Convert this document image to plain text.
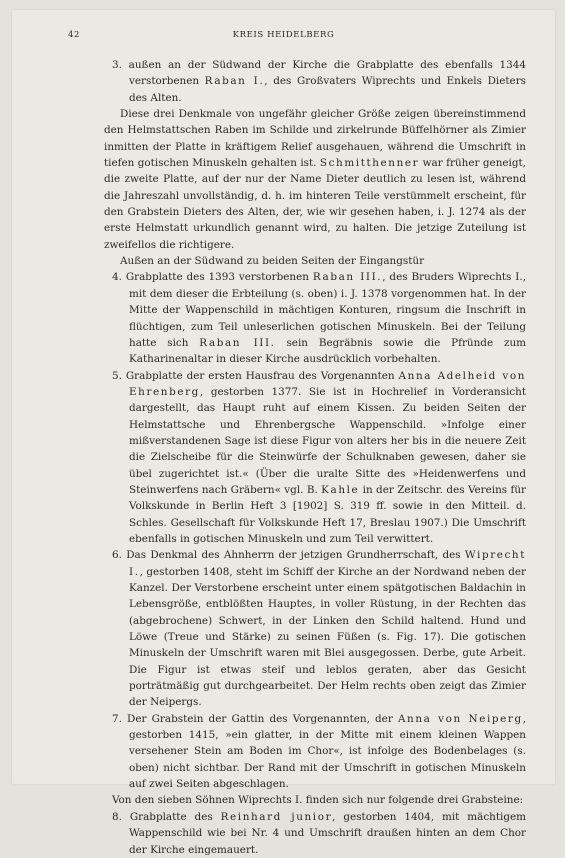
42	KREIS HEIDELBERG

3. außen an der Südwand der Kirche die Grabplatte des ebenfalls 1344 verstorbenen Raban I., des Großvaters Wiprechts und Enkels Dieters des Alten.

Diese drei Denkmale von ungefähr gleicher Größe zeigen übereinstimmend den Helmstattschen Raben im Schilde und zirkelrunde Büffelhörner als Zimier inmitten der Platte in kräftigem Relief ausgehauen, während die Umschrift in tiefen gotischen Minuskeln gehalten ist. Schmitthenner war früher geneigt, die zweite Platte, auf der nur der Name Dieter deutlich zu lesen ist, während die Jahreszahl unvollständig, d. h. im hinteren Teile verstümmelt erscheint, für den Grabstein Dieters des Alten, der, wie wir gesehen haben, i. J. 1274 als der erste Helmstatt urkundlich genannt wird, zu halten. Die jetzige Zuteilung ist zweifellos die richtigere.

Außen an der Südwand zu beiden Seiten der Eingangstür

4. Grabplatte des 1393 verstorbenen Raban III., des Bruders Wiprechts I., mit dem dieser die Erbteilung (s. oben) i. J. 1378 vorgenommen hat. In der Mitte der Wappenschild in mächtigen Konturen, ringsum die Inschrift in flüchtigen, zum Teil unleserlichen gotischen Minuskeln. Bei der Teilung hatte sich Raban III. sein Begräbnis sowie die Pfründe zum Katharinenaltar in dieser Kirche ausdrücklich vorbehalten.

5. Grabplatte der ersten Hausfrau des Vorgenannten Anna Adelheid von Ehrenberg, gestorben 1377. Sie ist in Hochrelief in Vorderansicht dargestellt, das Haupt ruht auf einem Kissen. Zu beiden Seiten der Helmstattsche und Ehrenbergsche Wappenschild. »Infolge einer mißverstandenen Sage ist diese Figur von alters her bis in die neuere Zeit die Zielscheibe für die Steinwürfe der Schulknaben gewesen, daher sie übel zugerichtet ist.« (Über die uralte Sitte des »Heidenwerfens und Steinwerfens nach Gräbern« vgl. B. Kahle in der Zeitschr. des Vereins für Volkskunde in Berlin Heft 3 [1902] S. 319 ff. sowie in den Mitteil. d. Schles. Gesellschaft für Volkskunde Heft 17, Breslau 1907.) Die Umschrift ebenfalls in gotischen Minuskeln und zum Teil verwittert.

6. Das Denkmal des Ahnherrn der jetzigen Grundherrschaft, des Wiprecht I., gestorben 1408, steht im Schiff der Kirche an der Nordwand neben der Kanzel. Der Verstorbene erscheint unter einem spätgotischen Baldachin in Lebensgröße, entblößten Hauptes, in voller Rüstung, in der Rechten das (abgebrochene) Schwert, in der Linken den Schild haltend. Hund und Löwe (Treue und Stärke) zu seinen Füßen (s. Fig. 17). Die gotischen Minuskeln der Umschrift waren mit Blei ausgegossen. Derbe, gute Arbeit. Die Figur ist etwas steif und leblos geraten, aber das Gesicht porträtmäßig gut durchgearbeitet. Der Helm rechts oben zeigt das Zimier der Neipergs.

7. Der Grabstein der Gattin des Vorgenannten, der Anna von Neiperg, gestorben 1415, »ein glatter, in der Mitte mit einem kleinen Wappen versehener Stein am Boden im Chor«, ist infolge des Bodenbelages (s. oben) nicht sichtbar. Der Rand mit der Umschrift in gotischen Minuskeln auf zwei Seiten abgeschlagen.

Von den sieben Söhnen Wiprechts I. finden sich nur folgende drei Grabsteine:

8. Grabplatte des Reinhard junior, gestorben 1404, mit mächtigem Wappenschild wie bei Nr. 4 und Umschrift draußen hinten an dem Chor der Kirche eingemauert.
